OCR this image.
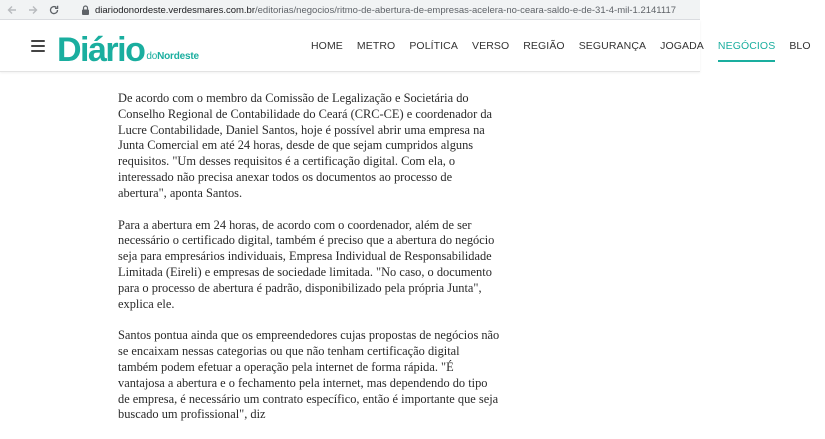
diariodonordeste.verdesmares.com.br/editorias/negocios/ritmo-de-abertura-de-empresas-acelera-no-ceara-saldo-e-de-31-4-mil-1.2141117
Diário doNordeste
HOME METRO POLÍTICA VERSO REGIÃO SEGURANÇA JOGADA NEGÓCIOS BLO

De acordo com o membro da Comissão de Legalização e Societária do Conselho Regional de Contabilidade do Ceará (CRC-CE) e coordenador da Lucre Contabilidade, Daniel Santos, hoje é possível abrir uma empresa na Junta Comercial em até 24 horas, desde de que sejam cumpridos alguns requisitos. "Um desses requisitos é a certificação digital. Com ela, o interessado não precisa anexar todos os documentos ao processo de abertura", aponta Santos.

Para a abertura em 24 horas, de acordo com o coordenador, além de ser necessário o certificado digital, também é preciso que a abertura do negócio seja para empresários individuais, Empresa Individual de Responsabilidade Limitada (Eireli) e empresas de sociedade limitada. "No caso, o documento para o processo de abertura é padrão, disponibilizado pela própria Junta", explica ele.

Santos pontua ainda que os empreendedores cujas propostas de negócios não se encaixam nessas categorias ou que não tenham certificação digital também podem efetuar a operação pela internet de forma rápida. "É vantajosa a abertura e o fechamento pela internet, mas dependendo do tipo de empresa, é necessário um contrato específico, então é importante que seja buscado um profissional", diz
